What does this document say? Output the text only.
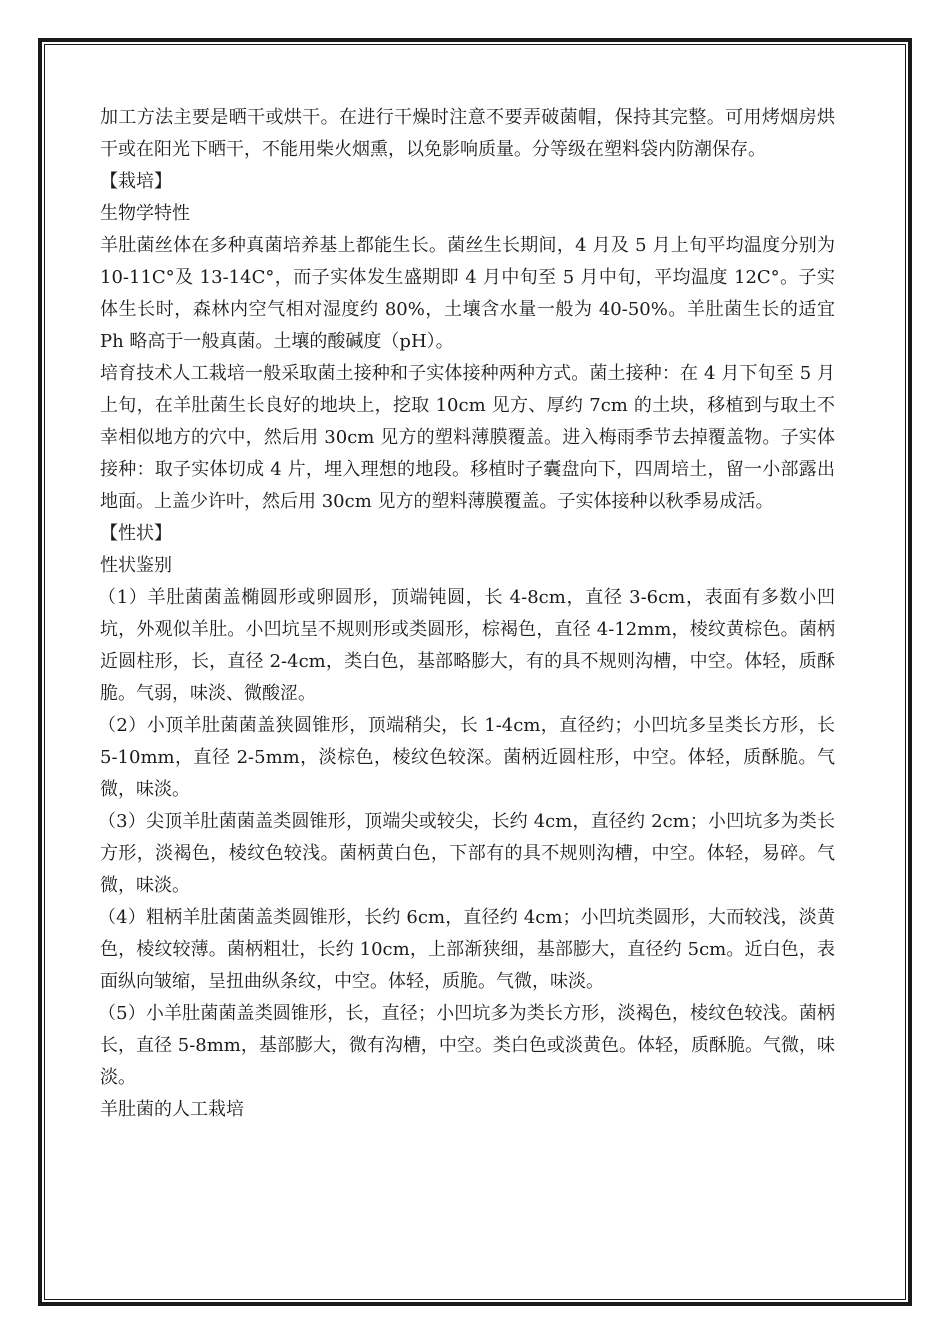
加工方法主要是晒干或烘干。在进行干燥时注意不要弄破菌帽，保持其完整。可用烤烟房烘干或在阳光下晒干，不能用柴火烟熏，以免影响质量。分等级在塑料袋内防潮保存。

【栽培】

生物学特性

羊肚菌丝体在多种真菌培养基上都能生长。菌丝生长期间，4 月及 5 月上旬平均温度分别为 10-11C°及 13-14C°，而子实体发生盛期即 4 月中旬至 5 月中旬，平均温度 12C°。子实体生长时，森林内空气相对湿度约 80%，土壤含水量一般为 40-50%。羊肚菌生长的适宜 Ph 略高于一般真菌。土壤的酸碱度（pH）。

培育技术人工栽培一般采取菌土接种和子实体接种两种方式。菌土接种：在 4 月下旬至 5 月上旬，在羊肚菌生长良好的地块上，挖取 10cm 见方、厚约 7cm 的土块，移植到与取土不幸相似地方的穴中，然后用 30cm 见方的塑料薄膜覆盖。进入梅雨季节去掉覆盖物。子实体接种：取子实体切成 4 片，埋入理想的地段。移植时子囊盘向下，四周培土，留一小部露出地面。上盖少许叶，然后用 30cm 见方的塑料薄膜覆盖。子实体接种以秋季易成活。

【性状】

性状鉴别

（1）羊肚菌菌盖椭圆形或卵圆形，顶端钝圆，长 4-8cm，直径 3-6cm，表面有多数小凹坑，外观似羊肚。小凹坑呈不规则形或类圆形，棕褐色，直径 4-12mm，棱纹黄棕色。菌柄近圆柱形，长，直径 2-4cm，类白色，基部略膨大，有的具不规则沟槽，中空。体轻，质酥脆。气弱，味淡、微酸涩。

（2）小顶羊肚菌菌盖狭圆锥形，顶端稍尖，长 1-4cm，直径约；小凹坑多呈类长方形，长 5-10mm，直径 2-5mm，淡棕色，棱纹色较深。菌柄近圆柱形，中空。体轻，质酥脆。气微，味淡。

（3）尖顶羊肚菌菌盖类圆锥形，顶端尖或较尖，长约 4cm，直径约 2cm；小凹坑多为类长方形，淡褐色，棱纹色较浅。菌柄黄白色，下部有的具不规则沟槽，中空。体轻，易碎。气微，味淡。

（4）粗柄羊肚菌菌盖类圆锥形，长约 6cm，直径约 4cm；小凹坑类圆形，大而较浅，淡黄色，棱纹较薄。菌柄粗壮，长约 10cm，上部渐狭细，基部膨大，直径约 5cm。近白色，表面纵向皱缩，呈扭曲纵条纹，中空。体轻，质脆。气微，味淡。

（5）小羊肚菌菌盖类圆锥形，长，直径；小凹坑多为类长方形，淡褐色，棱纹色较浅。菌柄长，直径 5-8mm，基部膨大，微有沟槽，中空。类白色或淡黄色。体轻，质酥脆。气微，味淡。

羊肚菌的人工栽培
